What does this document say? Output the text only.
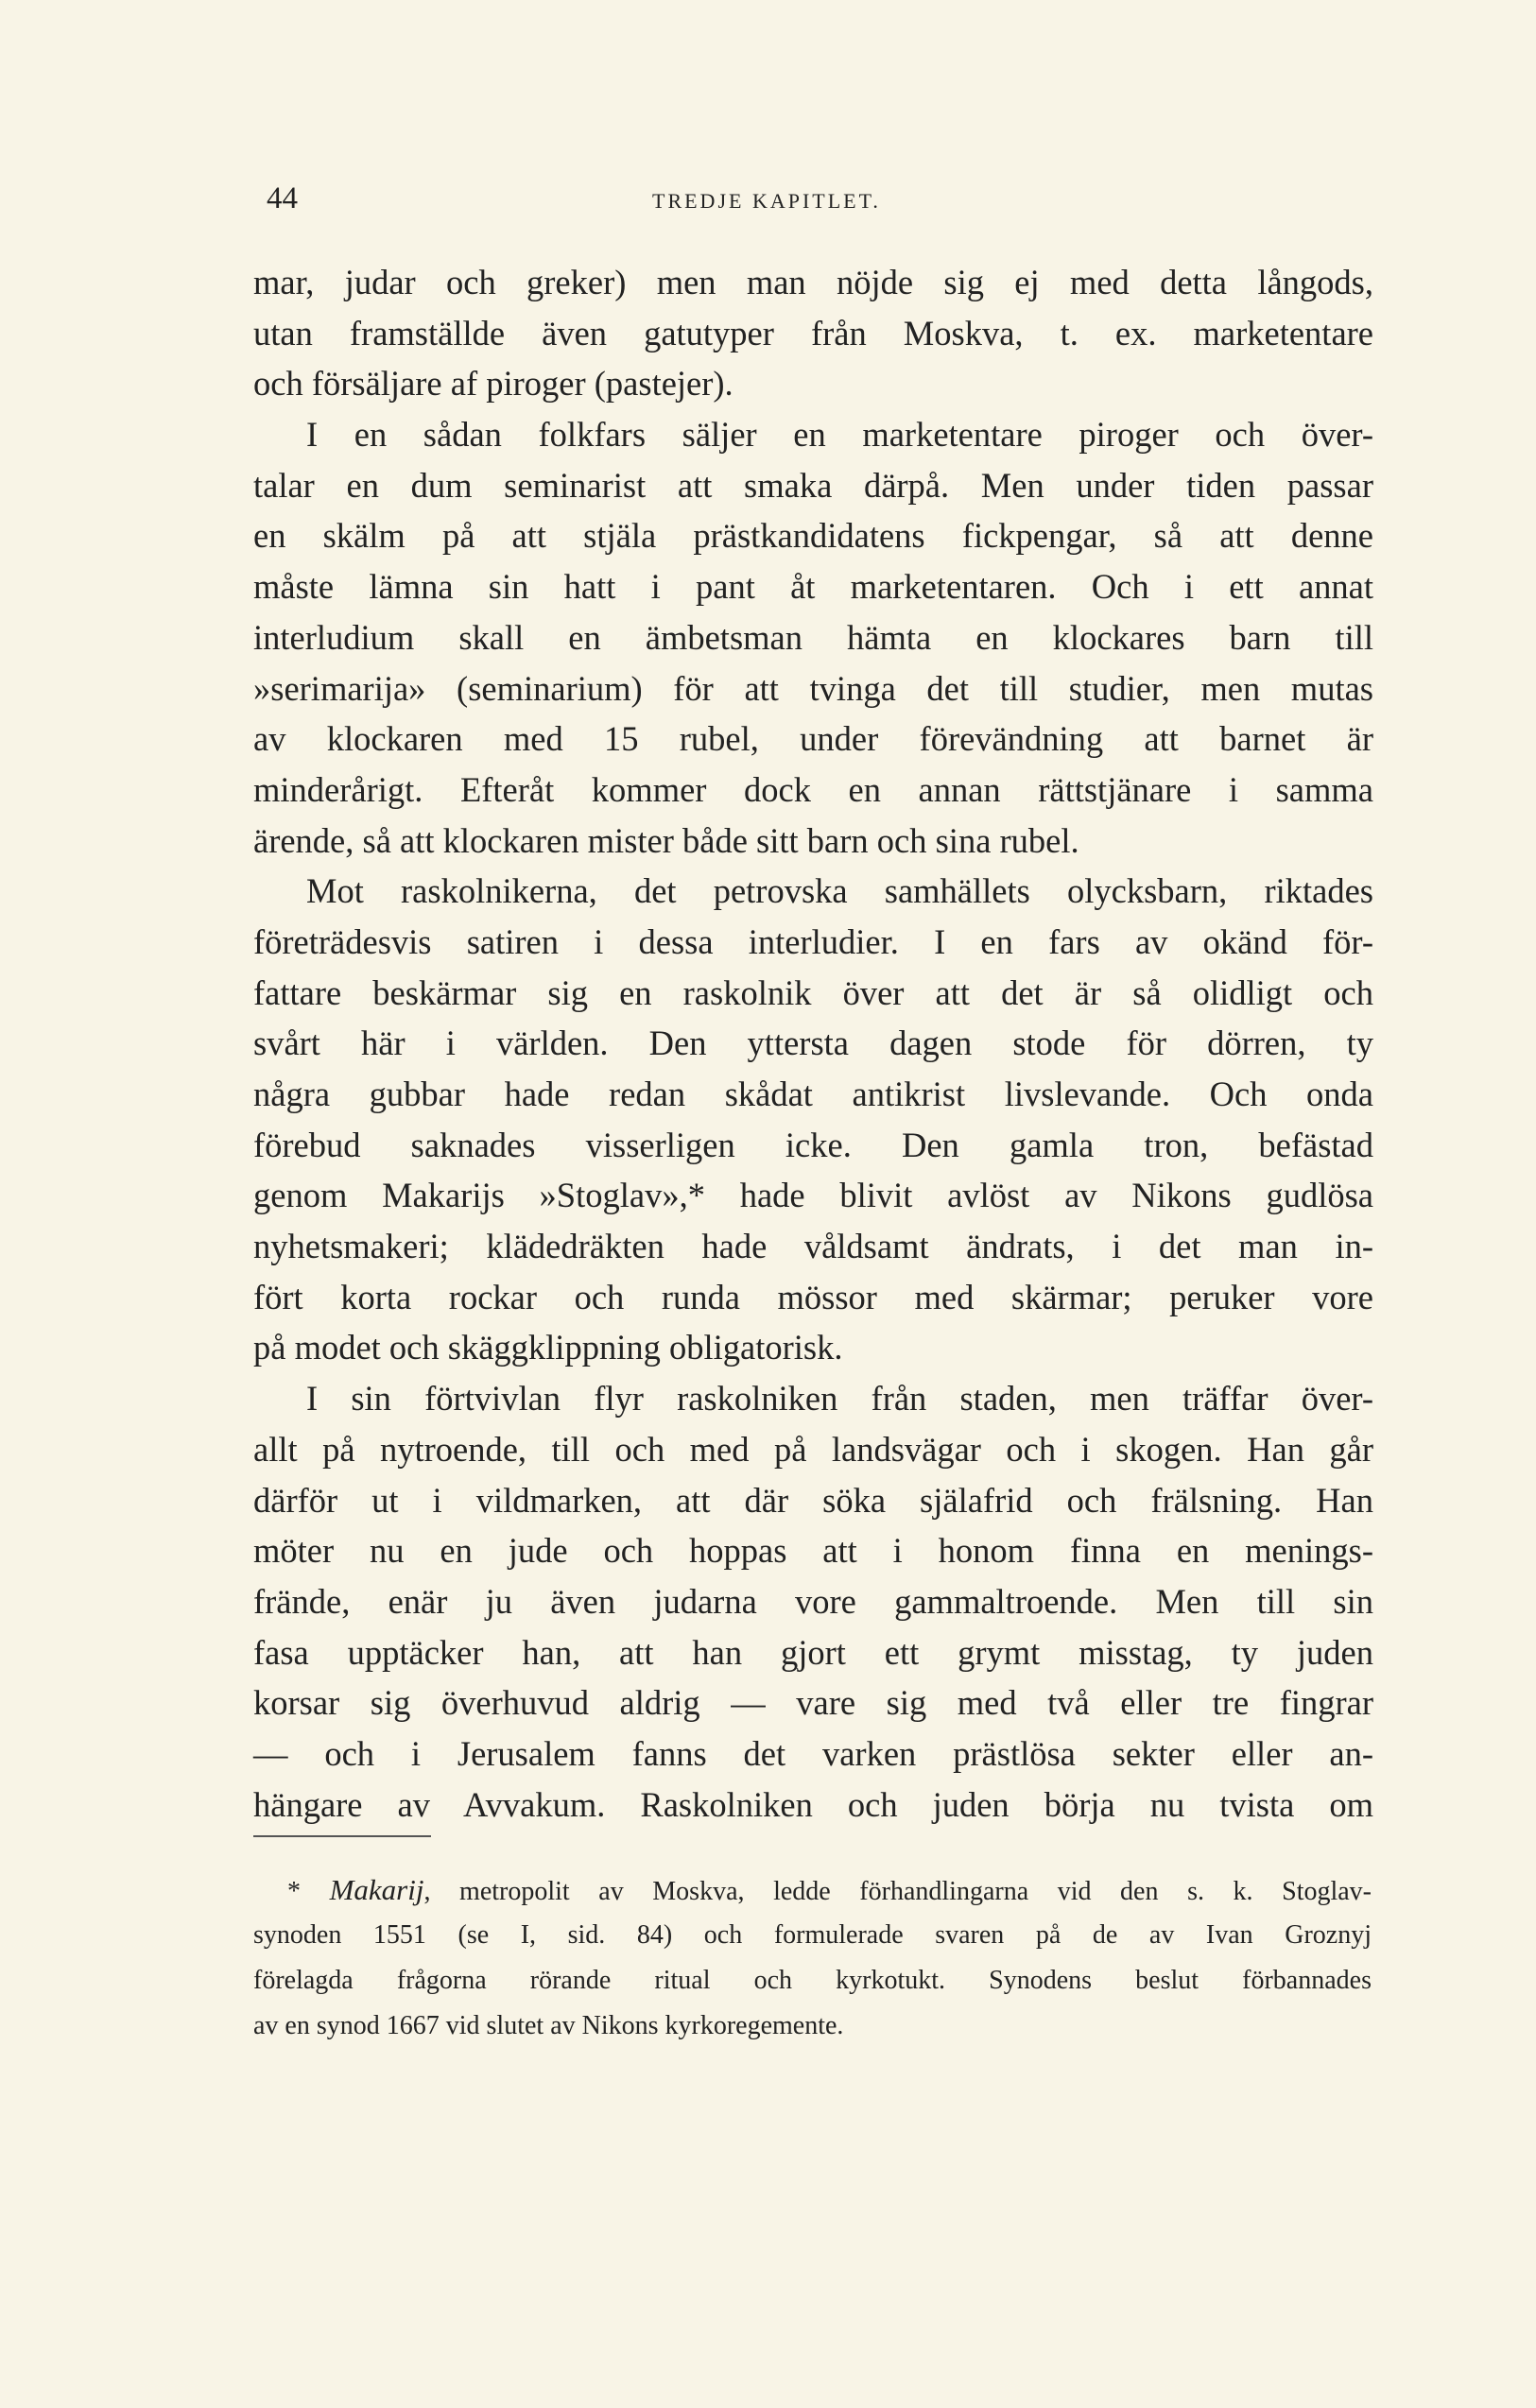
44	TREDJE KAPITLET.
mar, judar och greker) men man nöjde sig ej med detta långods,
utan framställde även gatutyper från Moskva, t. ex. marketentare
och försäljare af piroger (pastejer).
I en sådan folkfars säljer en marketentare piroger och över-
talar en dum seminarist att smaka därpå. Men under tiden passar
en skälm på att stjäla prästkandidatens fickpengar, så att denne
måste lämna sin hatt i pant åt marketentaren. Och i ett annat
interludium skall en ämbetsman hämta en klockares barn till
»serimarija» (seminarium) för att tvinga det till studier, men mutas
av klockaren med 15 rubel, under förevändning att barnet är
minderårigt. Efteråt kommer dock en annan rättstjänare i samma
ärende, så att klockaren mister både sitt barn och sina rubel.
Mot raskolnikerna, det petrovska samhällets olycksbarn, riktades
företrädesvis satiren i dessa interludier. I en fars av okänd för-
fattare beskärmar sig en raskolnik över att det är så olidligt och
svårt här i världen. Den yttersta dagen stode för dörren, ty
några gubbar hade redan skådat antikrist livslevande. Och onda
förebud saknades visserligen icke. Den gamla tron, befästad
genom Makarijs »Stoglav»,* hade blivit avlöst av Nikons gudlösa
nyhetsmakeri; klädedräkten hade våldsamt ändrats, i det man in-
fört korta rockar och runda mössor med skärmar; peruker vore
på modet och skäggklippning obligatorisk.
I sin förtvivlan flyr raskolniken från staden, men träffar över-
allt på nytroende, till och med på landsvägar och i skogen. Han går
därför ut i vildmarken, att där söka själafrid och frälsning. Han
möter nu en jude och hoppas att i honom finna en menings-
frände, enär ju även judarna vore gammaltroende. Men till sin
fasa upptäcker han, att han gjort ett grymt misstag, ty juden
korsar sig överhuvud aldrig — vare sig med två eller tre fingrar
— och i Jerusalem fanns det varken prästlösa sekter eller an-
hängare av Avvakum. Raskolniken och juden börja nu tvista om
* Makarij, metropolit av Moskva, ledde förhandlingarna vid den s. k. Stoglav-
synoden 1551 (se I, sid. 84) och formulerade svaren på de av Ivan Groznyj
förelagda frågorna rörande ritual och kyrkotukt. Synodens beslut förbannades
av en synod 1667 vid slutet av Nikons kyrkoregemente.
